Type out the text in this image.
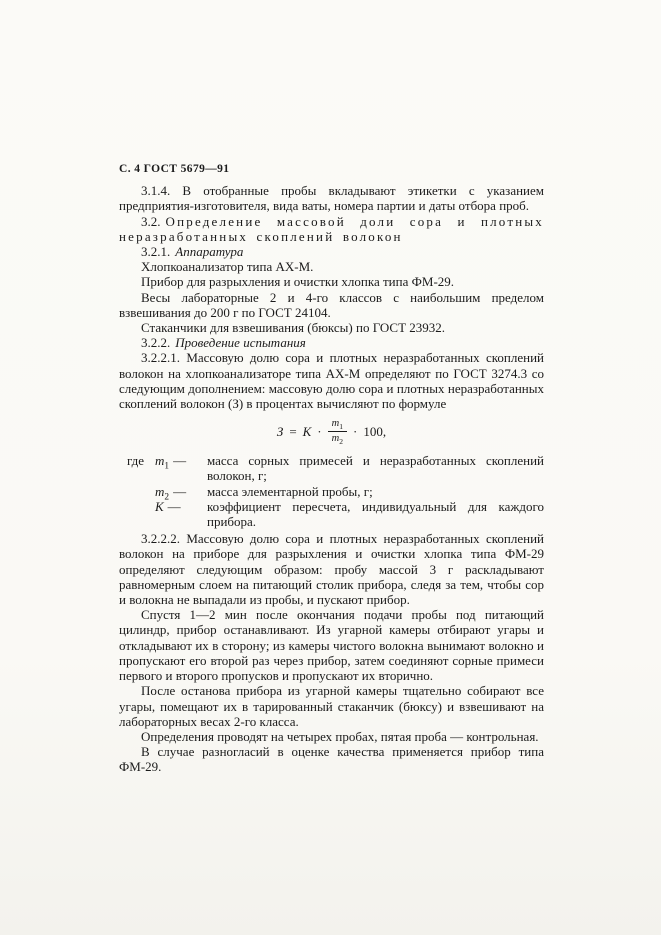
С. 4 ГОСТ 5679—91

3.1.4. В отобранные пробы вкладывают этикетки с указанием предприятия-изготовителя, вида ваты, номера партии и даты отбора проб.

3.2. Определение массовой доли сора и плотных неразработанных скоплений волокон

3.2.1. Аппаратура

Хлопкоанализатор типа АХ-М.

Прибор для разрыхления и очистки хлопка типа ФМ-29.

Весы лабораторные 2 и 4-го классов с наибольшим пределом взвешивания до 200 г по ГОСТ 24104.

Стаканчики для взвешивания (бюксы) по ГОСТ 23932.

3.2.2. Проведение испытания

3.2.2.1. Массовую долю сора и плотных неразработанных скоплений волокон на хлопкоанализаторе типа АХ-М определяют по ГОСТ 3274.3 со следующим дополнением: массовую долю сора и плотных неразработанных скоплений волокон (З) в процентах вычисляют по формуле

$З = К \cdot \frac{m_1}{m_2} \cdot 100$,
где $m_1$ —	масса сорных примесей и неразработанных скоплений волокон, г;
$m_2$ —	масса элементарной пробы, г;
К —	коэффициент пересчета, индивидуальный для каждого прибора.

3.2.2.2. Массовую долю сора и плотных неразработанных скоплений волокон на приборе для разрыхления и очистки хлопка типа ФМ-29 определяют следующим образом: пробу массой 3 г раскладывают равномерным слоем на питающий столик прибора, следя за тем, чтобы сор и волокна не выпадали из пробы, и пускают прибор.

Спустя 1—2 мин после окончания подачи пробы под питающий цилиндр, прибор останавливают. Из угарной камеры отбирают угары и откладывают их в сторону; из камеры чистого волокна вынимают волокно и пропускают его второй раз через прибор, затем соединяют сорные примеси первого и второго пропусков и пропускают их вторично.

После останова прибора из угарной камеры тщательно собирают все угары, помещают их в тарированный стаканчик (бюксу) и взвешивают на лабораторных весах 2-го класса.

Определения проводят на четырех пробах, пятая проба — контрольная.

В случае разногласий в оценке качества применяется прибор типа ФМ-29.
